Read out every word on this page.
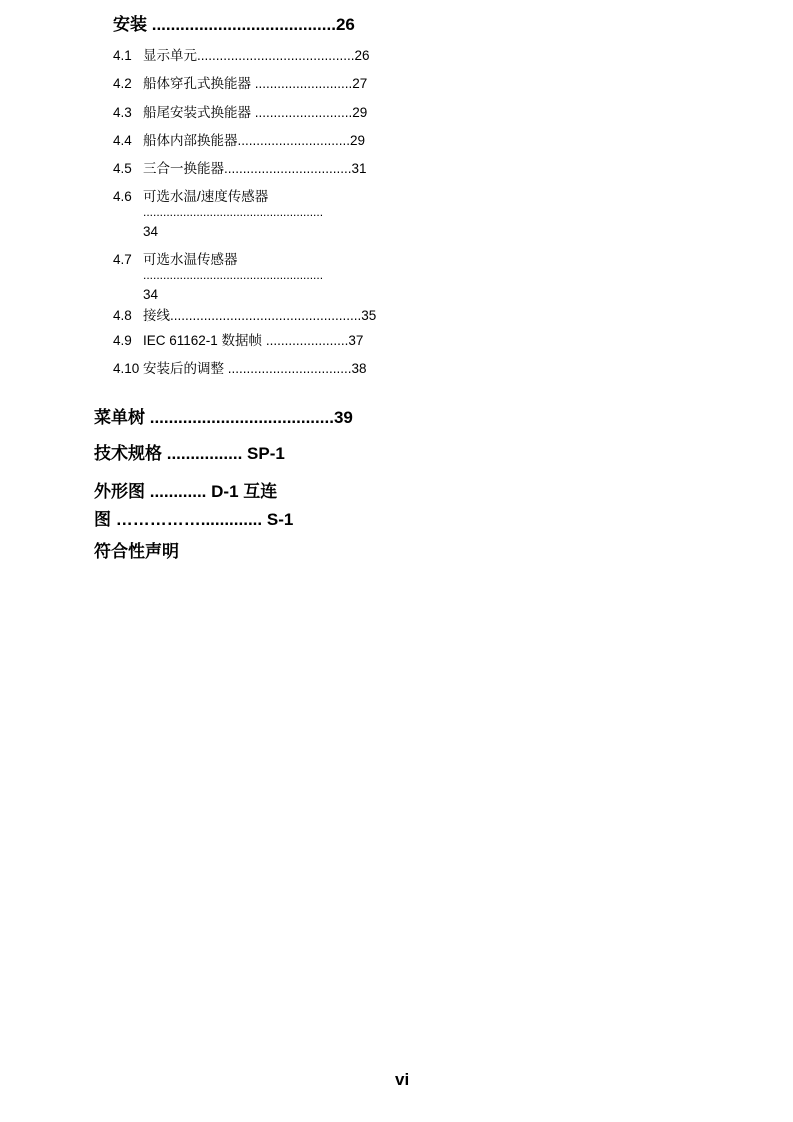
安装 .......................................26
4.1 显示单元..........................................26
4.2 船体穿孔式换能器 ..........................27
4.3 船尾安装式换能器 ..........................29
4.4 船体内部换能器..............................29
4.5 三合一换能器..................................31
4.6 可选水温/速度传感器
......................................................
34
4.7 可选水温传感器
......................................................
34
4.8 接线...................................................35
4.9 IEC 61162-1 数据帧 ......................37
4.10 安装后的调整 .................................38
菜单树 .......................................39
技术规格 ................ SP-1
外形图 ............ D-1 互连
图 ……………............. S-1
符合性声明
vi
